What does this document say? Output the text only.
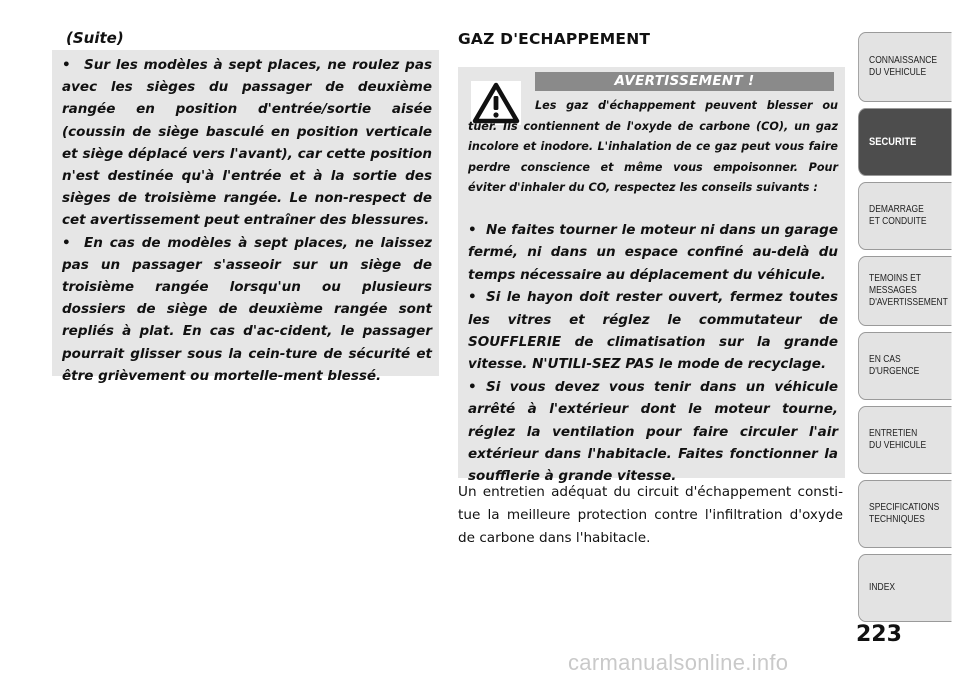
(Suite)

• Sur les modèles à sept places, ne roulez pas avec les sièges du passager de deuxième rangée en position d'entrée/sortie aisée (coussin de siège basculé en position verticale et siège déplacé vers l'avant), car cette position n'est destinée qu'à l'entrée et à la sortie des sièges de troisième rangée. Le non-respect de cet avertissement peut entraîner des blessures.

• En cas de modèles à sept places, ne laissez pas un passager s'asseoir sur un siège de troisième rangée lorsqu'un ou plusieurs dossiers de siège de deuxième rangée sont repliés à plat. En cas d'ac-cident, le passager pourrait glisser sous la cein-ture de sécurité et être grièvement ou mortelle-ment blessé.

GAZ D'ECHAPPEMENT
AVERTISSEMENT !
Les gaz d'échappement peuvent blesser ou tuer. Ils contiennent de l'oxyde de carbone (CO), un gaz incolore et inodore. L'inhalation de ce gaz peut vous faire perdre conscience et même vous empoisonner. Pour éviter d'inhaler du CO, respectez les conseils suivants :

• Ne faites tourner le moteur ni dans un garage fermé, ni dans un espace confiné au-delà du temps nécessaire au déplacement du véhicule.

• Si le hayon doit rester ouvert, fermez toutes les vitres et réglez le commutateur de SOUFFLERIE de climatisation sur la grande vitesse. N'UTILI-SEZ PAS le mode de recyclage.

• Si vous devez vous tenir dans un véhicule arrêté à l'extérieur dont le moteur tourne, réglez la ventilation pour faire circuler l'air extérieur dans l'habitacle. Faites fonctionner la soufflerie à grande vitesse.

Un entretien adéquat du circuit d'échappement consti-tue la meilleure protection contre l'infiltration d'oxyde de carbone dans l'habitacle.
CONNAISSANCE
DU VEHICULE
SECURITE
DEMARRAGE
ET CONDUITE
TEMOINS ET
MESSAGES
D'AVERTISSEMENT
EN CAS
D'URGENCE
ENTRETIEN
DU VEHICULE
SPECIFICATIONS
TECHNIQUES
INDEX
223
carmanualsonline.info
